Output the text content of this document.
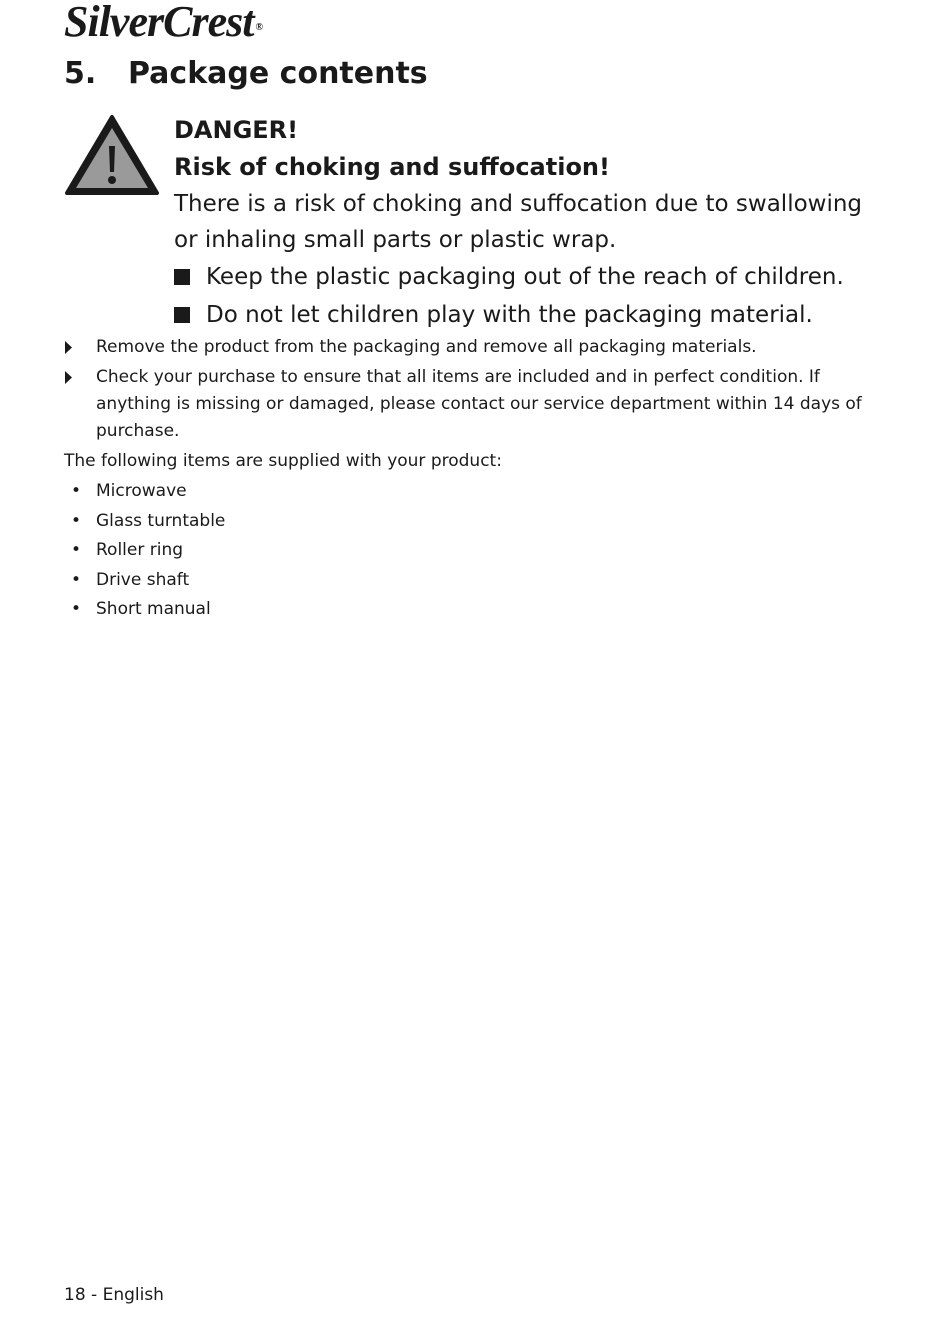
SilverCrest ®
5. Package contents
DANGER!
Risk of choking and suffocation!

There is a risk of choking and suffocation due to swallowing or inhaling small parts or plastic wrap.

Keep the plastic packaging out of the reach of children.
Do not let children play with the packaging material.
Remove the product from the packaging and remove all packaging materials.
Check your purchase to ensure that all items are included and in perfect condition. If anything is missing or damaged, please contact our service department within 14 days of purchase.
The following items are supplied with your product:
• Microwave
• Glass turntable
• Roller ring
• Drive shaft
• Short manual
18 - English
